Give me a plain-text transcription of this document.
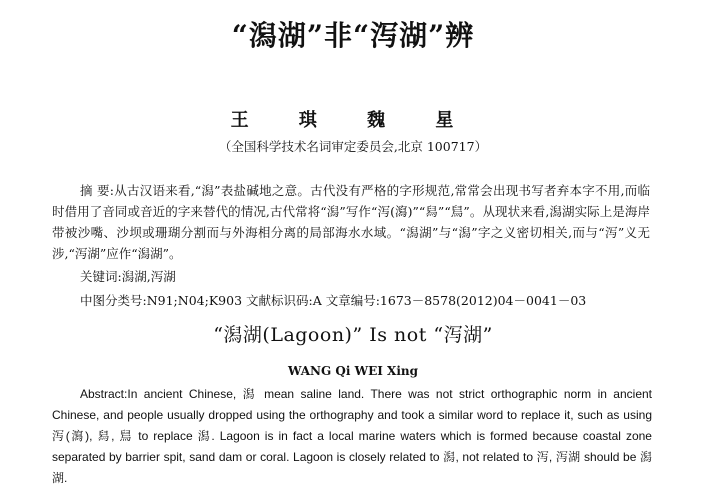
“潟湖”非“泻湖”辨
王 琪 魏 星
（全国科学技术名词审定委员会,北京 100717）
摘 要:从古汉语来看,“潟”表盐碱地之意。古代没有严格的字形规范,常常会出现书写者弃本字不用,而临时借用了音同或音近的字来替代的情况,古代常将“潟”写作“泻(瀉)”“舄”“舃”。从现状来看,潟湖实际上是海岸带被沙嘴、沙坝或珊瑚分割而与外海相分离的局部海水水域。“潟湖”与“潟”字之义密切相关,而与“泻”义无涉,“泻湖”应作“潟湖”。
关键词:潟湖,泻湖
中图分类号:N91;N04;K903 文献标识码:A 文章编号:1673－8578(2012)04－0041－03
“潟湖(Lagoon)” Is not “泻湖”
WANG Qi WEI Xing
Abstract:In ancient Chinese, 潟 mean saline land. There was not strict orthographic norm in ancient Chinese, and people usually dropped using the orthography and took a similar word to replace it, such as using 泻(瀉), 舄, 舃 to replace 潟. Lagoon is in fact a local marine waters which is formed because coastal zone separated by barrier spit, sand dam or coral. Lagoon is closely related to 潟, not related to 泻, 泻湖 should be 潟湖.
